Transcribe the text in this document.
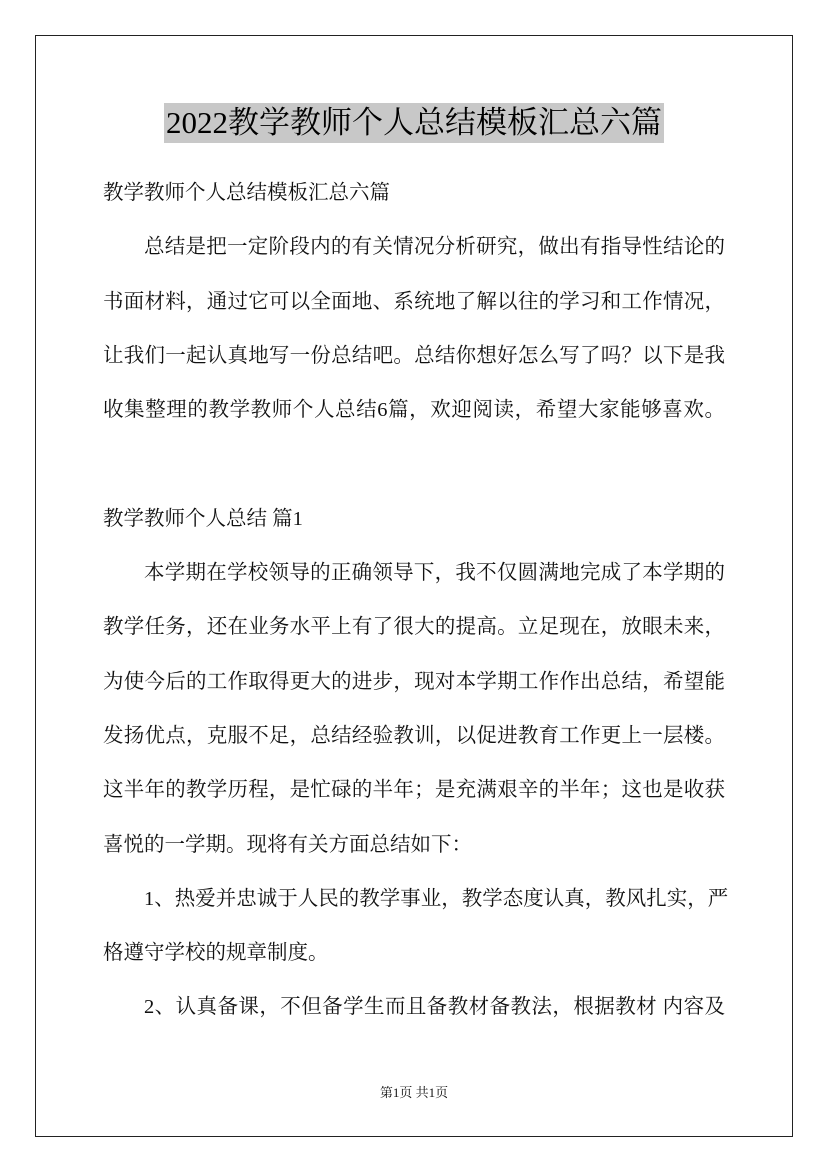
2022教学教师个人总结模板汇总六篇
教学教师个人总结模板汇总六篇
总结是把一定阶段内的有关情况分析研究，做出有指导性结论的
书面材料，通过它可以全面地、系统地了解以往的学习和工作情况，
让我们一起认真地写一份总结吧。总结你想好怎么写了吗？以下是我
收集整理的教学教师个人总结6篇，欢迎阅读，希望大家能够喜欢。
教学教师个人总结 篇1
本学期在学校领导的正确领导下，我不仅圆满地完成了本学期的
教学任务，还在业务水平上有了很大的提高。立足现在，放眼未来，
为使今后的工作取得更大的进步，现对本学期工作作出总结，希望能
发扬优点，克服不足，总结经验教训，以促进教育工作更上一层楼。
这半年的教学历程，是忙碌的半年；是充满艰辛的半年；这也是收获
喜悦的一学期。现将有关方面总结如下：
1、热爱并忠诚于人民的教学事业，教学态度认真，教风扎实，严
格遵守学校的规章制度。
2、认真备课，不但备学生而且备教材备教法，根据教材 内容及
第1页 共1页
